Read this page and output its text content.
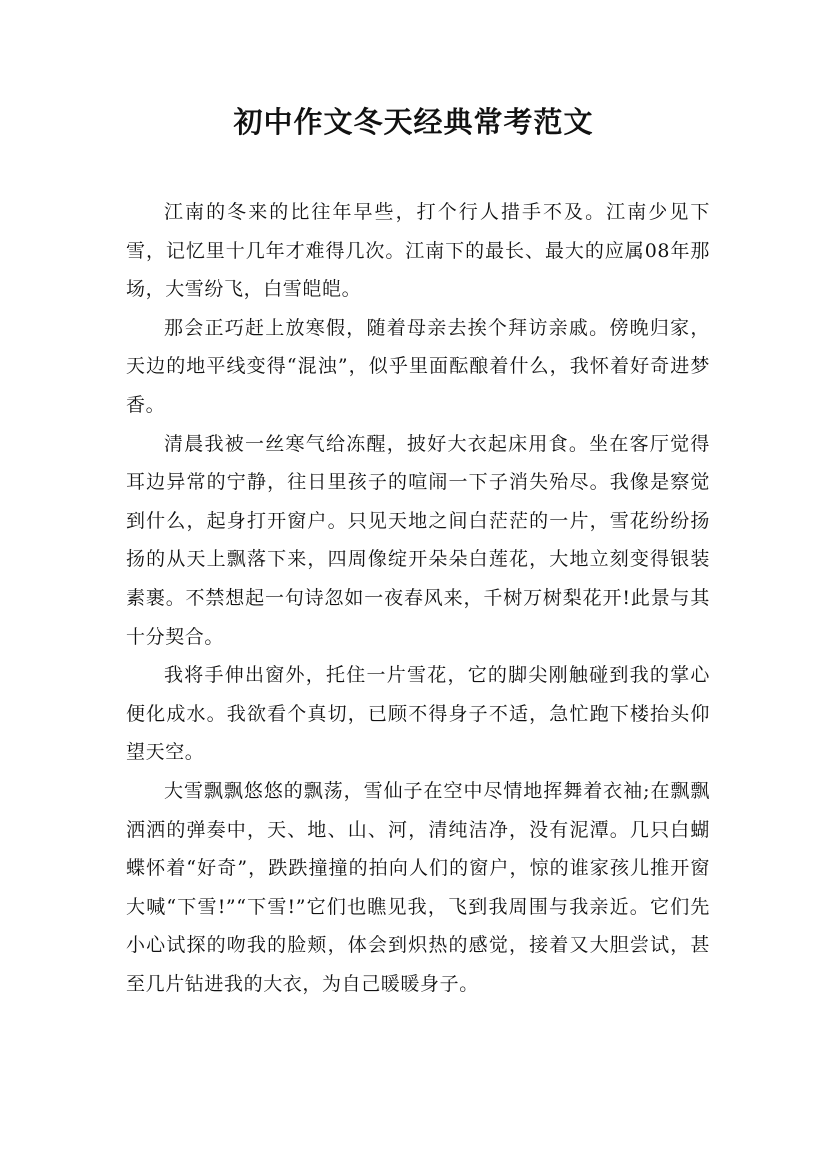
初中作文冬天经典常考范文

江南的冬来的比往年早些，打个行人措手不及。江南少见下雪，记忆里十几年才难得几次。江南下的最长、最大的应属08年那场，大雪纷飞，白雪皑皑。

那会正巧赶上放寒假，随着母亲去挨个拜访亲戚。傍晚归家，天边的地平线变得“混浊”，似乎里面酝酿着什么，我怀着好奇进梦香。

清晨我被一丝寒气给冻醒，披好大衣起床用食。坐在客厅觉得耳边异常的宁静，往日里孩子的喧闹一下子消失殆尽。我像是察觉到什么，起身打开窗户。只见天地之间白茫茫的一片，雪花纷纷扬扬的从天上飘落下来，四周像绽开朵朵白莲花，大地立刻变得银装素裹。不禁想起一句诗忽如一夜春风来，千树万树梨花开!此景与其十分契合。

我将手伸出窗外，托住一片雪花，它的脚尖刚触碰到我的掌心便化成水。我欲看个真切，已顾不得身子不适，急忙跑下楼抬头仰望天空。

大雪飘飘悠悠的飘荡，雪仙子在空中尽情地挥舞着衣袖;在飘飘洒洒的弹奏中，天、地、山、河，清纯洁净，没有泥潭。几只白蝴蝶怀着“好奇”，跌跌撞撞的拍向人们的窗户，惊的谁家孩儿推开窗大喊“下雪!”“下雪!”它们也瞧见我，飞到我周围与我亲近。它们先小心试探的吻我的脸颊，体会到炽热的感觉，接着又大胆尝试，甚至几片钻进我的大衣，为自己暖暖身子。
